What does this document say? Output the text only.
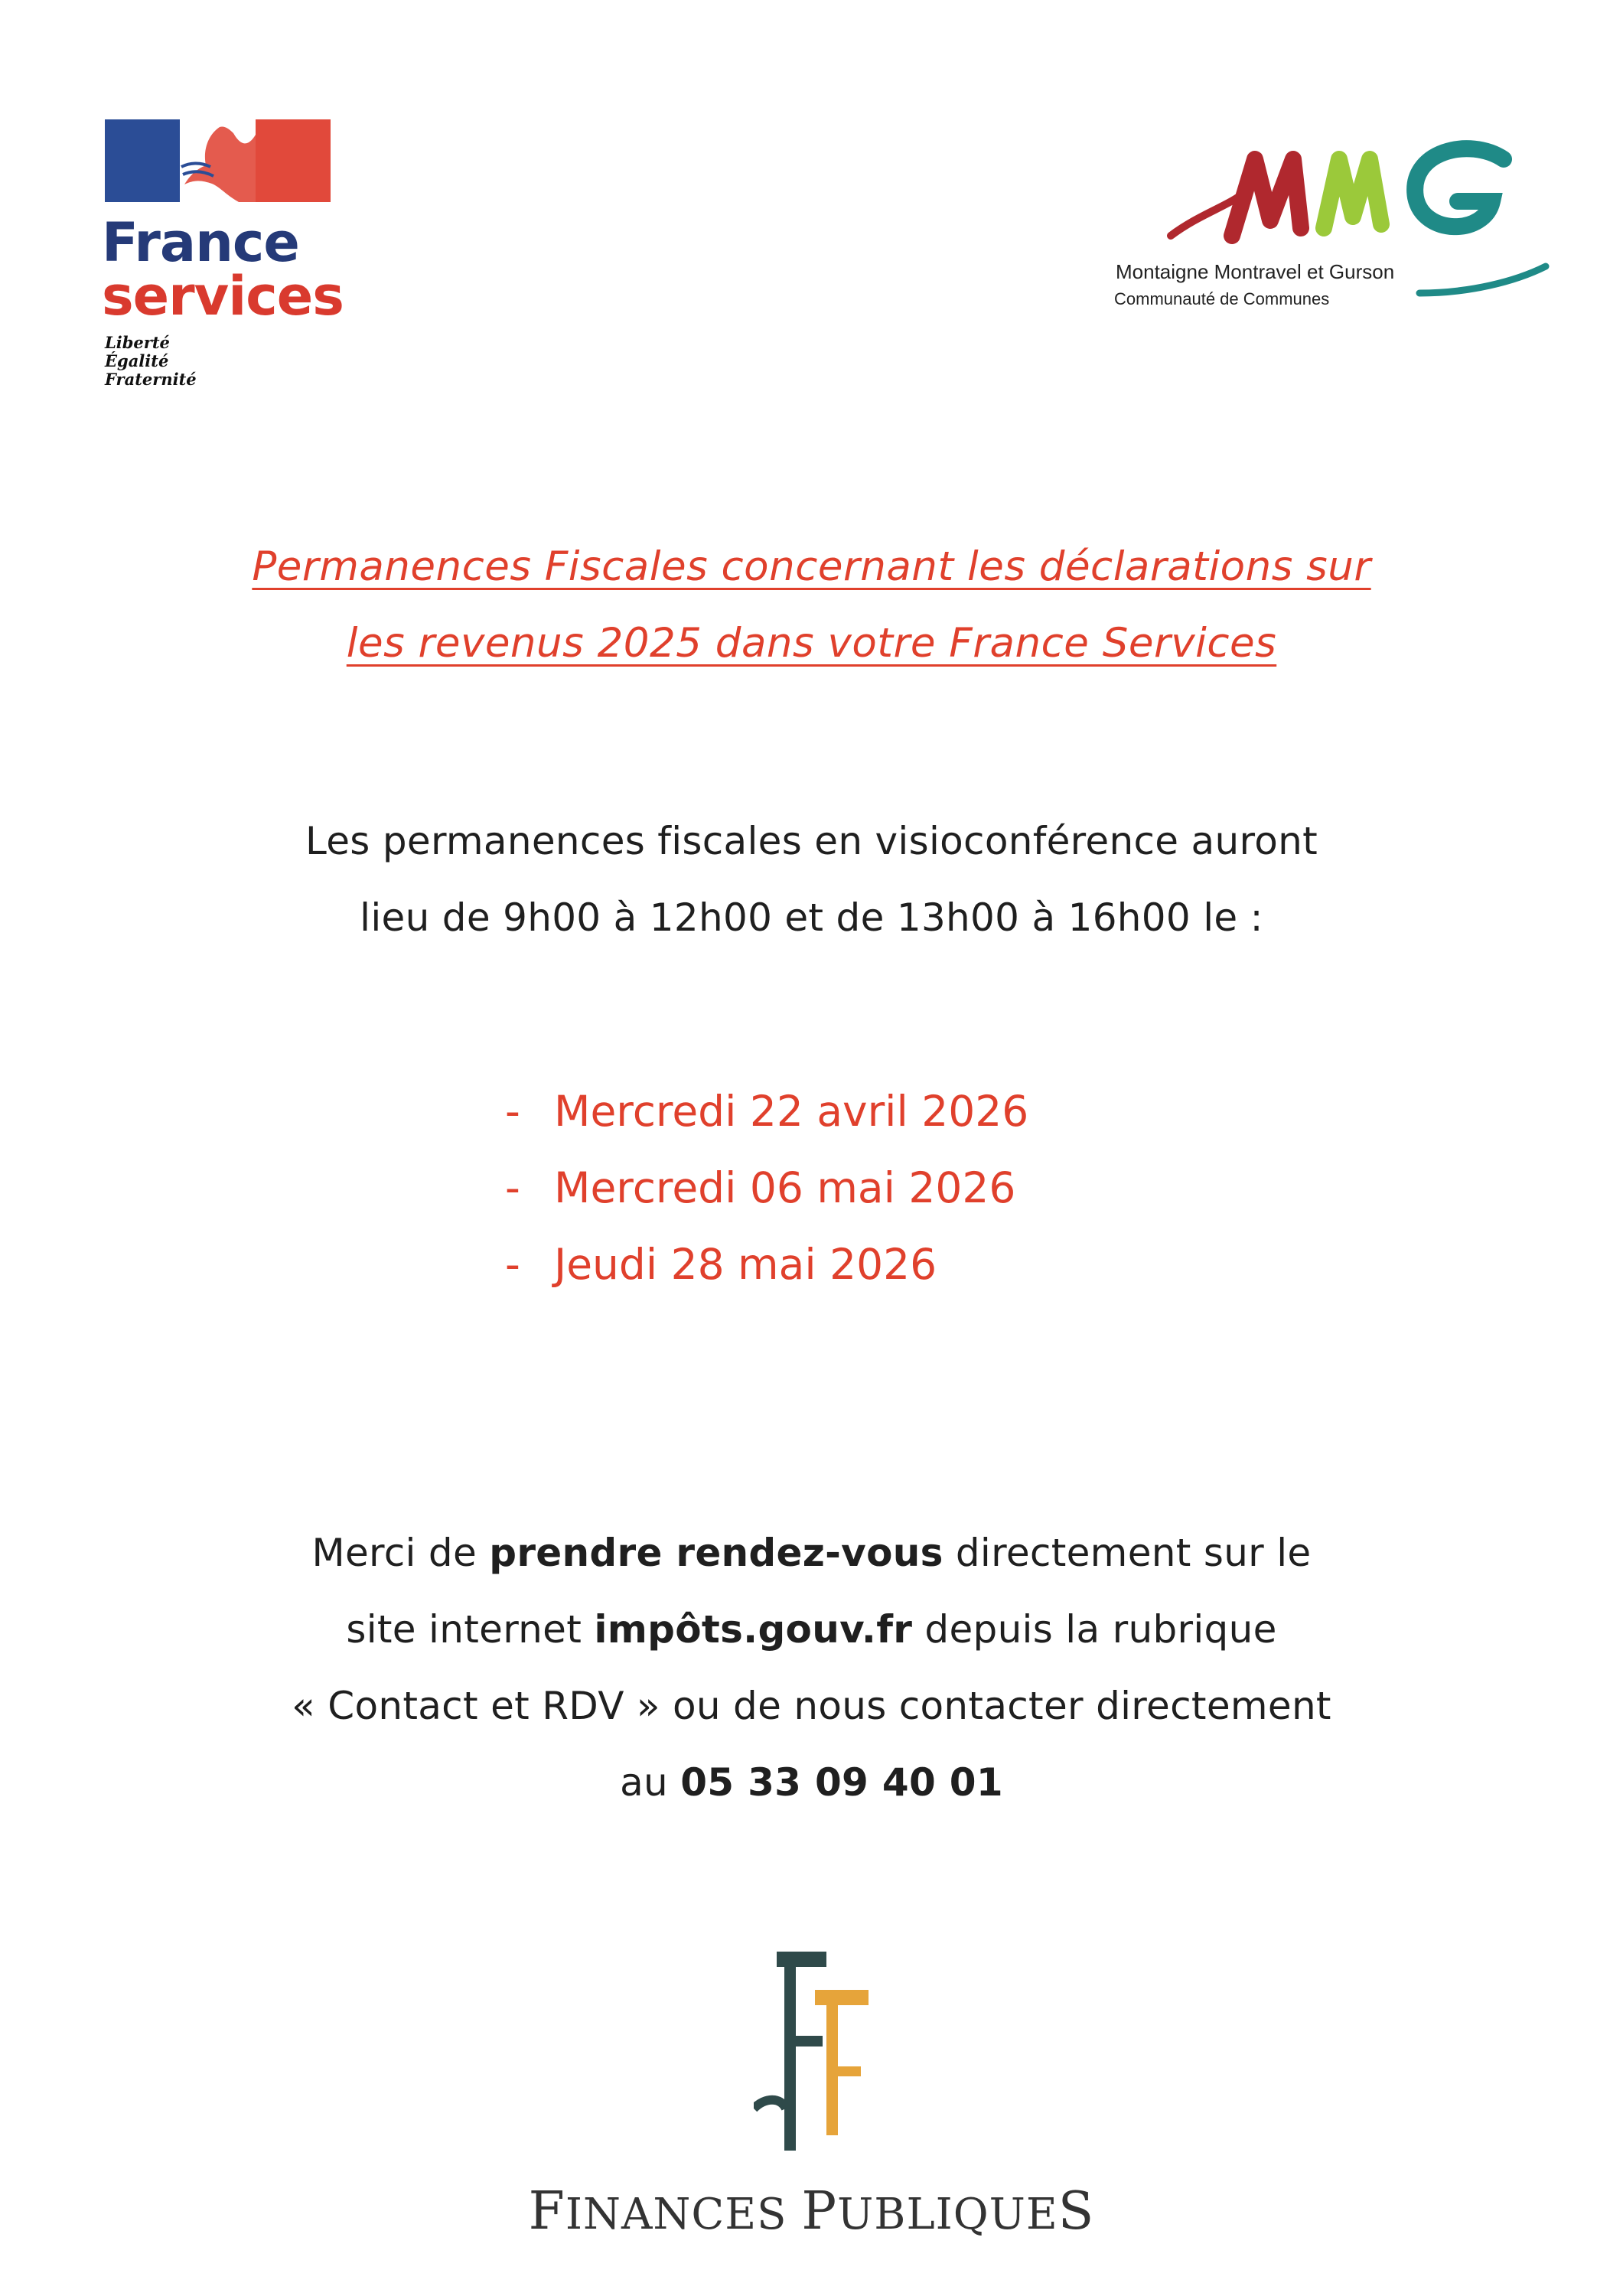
France
services
Liberté
Égalité
Fraternité
Montaigne Montravel et Gurson
Communauté de Communes
Permanences Fiscales concernant les déclarations sur
les revenus 2025 dans votre France Services
Les permanences fiscales en visioconférence auront
lieu de 9h00 à 12h00 et de 13h00 à 16h00 le :
- Mercredi 22 avril 2026
- Mercredi 06 mai 2026
- Jeudi 28 mai 2026
Merci de prendre rendez-vous directement sur le
site internet impôts.gouv.fr depuis la rubrique
« Contact et RDV » ou de nous contacter directement
au 05 33 09 40 01
FINANCES PUBLIQUES
